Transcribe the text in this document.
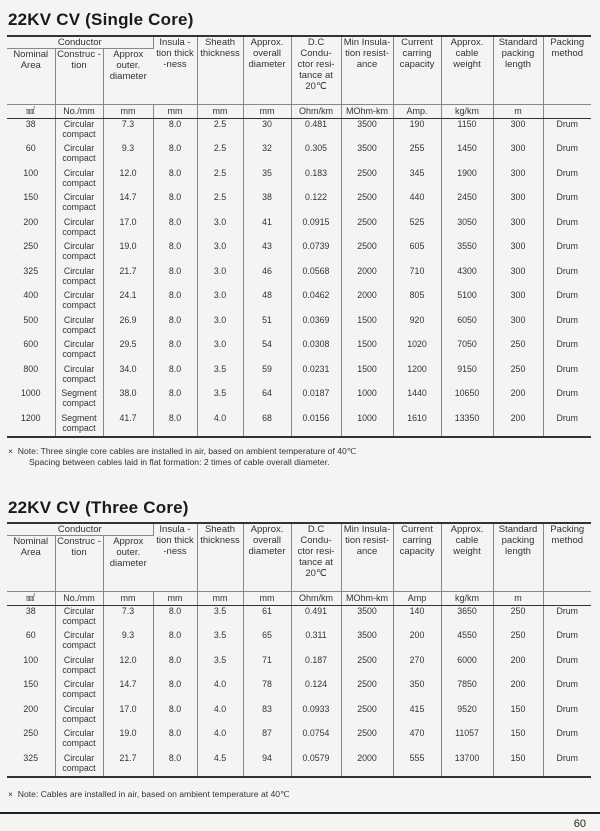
22KV CV (Single Core)
Conductor			Insula -tion thick -ness	Sheath thickness	Approx. overall diameter	D.C Condu- ctor resi- tance at 20℃	Min Insula- tion resist- ance	Current carring capacity	Approx. cable weight	Standard packing length	Packing method
Nominal Area	Construc -tion	Approx outer. diameter									
㎟	No./mm	mm	mm	mm	mm	Ohm/km	MOhm-km	Amp.	kg/km	m	
38	Circular compact	7.3	8.0	2.5	30	0.481	3500	190	1150	300	Drum
60	Circular compact	9.3	8.0	2.5	32	0.305	3500	255	1450	300	Drum
100	Circular compact	12.0	8.0	2.5	35	0.183	2500	345	1900	300	Drum
150	Circular compact	14.7	8.0	2.5	38	0.122	2500	440	2450	300	Drum
200	Circular compact	17.0	8.0	3.0	41	0.0915	2500	525	3050	300	Drum
250	Circular compact	19.0	8.0	3.0	43	0.0739	2500	605	3550	300	Drum
325	Circular compact	21.7	8.0	3.0	46	0.0568	2000	710	4300	300	Drum
400	Circular compact	24.1	8.0	3.0	48	0.0462	2000	805	5100	300	Drum
500	Circular compact	26.9	8.0	3.0	51	0.0369	1500	920	6050	300	Drum
600	Circular compact	29.5	8.0	3.0	54	0.0308	1500	1020	7050	250	Drum
800	Circular compact	34.0	8.0	3.5	59	0.0231	1500	1200	9150	250	Drum
1000	Segment compact	38.0	8.0	3.5	64	0.0187	1000	1440	10650	200	Drum
1200	Segment compact	41.7	8.0	4.0	68	0.0156	1000	1610	13350	200	Drum
×  Note: Three single core cables are installed in air, based on ambient temperature of 40℃
Spacing between cables laid in flat formation: 2 times of cable overall diameter.
22KV CV (Three Core)
Conductor			Insula -tion thick -ness	Sheath thickness	Approx. overall diameter	D.C Condu- ctor resi- tance at 20℃	Min Insula- tion resist- ance	Current carring capacity	Approx. cable weight	Standard packing length	Packing method
Nominal Area	Construc -tion	Approx outer. diameter									
㎟	No./mm	mm	mm	mm	mm	Ohm/km	MOhm-km	Amp	kg/km	m	
38	Circular compact	7.3	8.0	3.5	61	0.491	3500	140	3650	250	Drum
60	Circular compact	9.3	8.0	3.5	65	0.311	3500	200	4550	250	Drum
100	Circular compact	12.0	8.0	3.5	71	0.187	2500	270	6000	200	Drum
150	Circular compact	14.7	8.0	4.0	78	0.124	2500	350	7850	200	Drum
200	Circular compact	17.0	8.0	4.0	83	0.0933	2500	415	9520	150	Drum
250	Circular compact	19.0	8.0	4.0	87	0.0754	2500	470	11057	150	Drum
325	Circular compact	21.7	8.0	4.5	94	0.0579	2000	555	13700	150	Drum
×  Note: Cables are installed in air, based on ambient temperature at 40℃
60
